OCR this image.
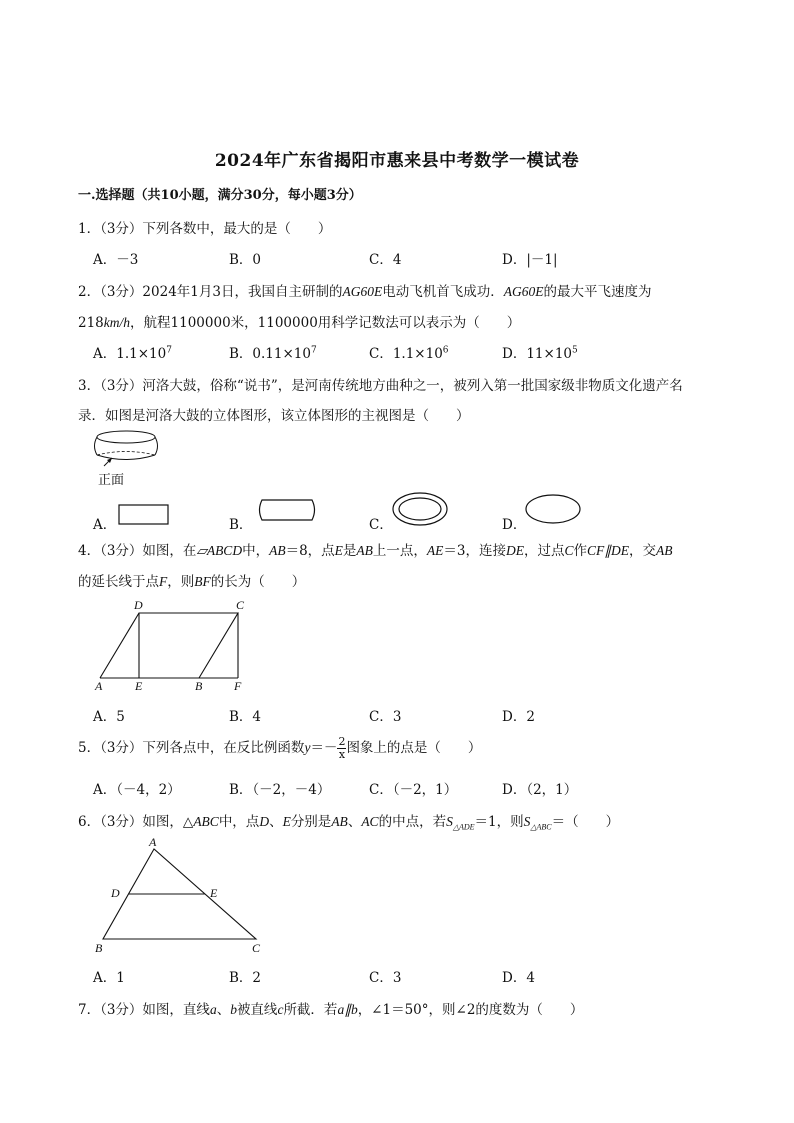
2024年广东省揭阳市惠来县中考数学一模试卷
一.选择题（共10小题，满分30分，每小题3分）
1．（3分）下列各数中，最大的是（　　）
A．－3	B．0	C．4	D．|－1|
2．（3分）2024年1月3日，我国自主研制的AG60E电动飞机首飞成功．AG60E的最大平飞速度为
218km/h，航程1100000米，1100000用科学记数法可以表示为（　　）
A．$1.1\times 10^7$	B．$0.11\times 10^7$	C．$1.1\times 10^6$	D．$11\times 10^5$
3．（3分）河洛大鼓，俗称“说书”，是河南传统地方曲种之一，被列入第一批国家级非物质文化遗产名
录．如图是河洛大鼓的立体图形，该立体图形的主视图是（　　）
正面
A．	B．	C．	D．
4．（3分）如图，在▱ABCD中，AB＝8，点E是AB上一点，AE＝3，连接DE，过点C作CF∥DE，交AB
的延长线于点F，则BF的长为（　　）
A	E	B	F
D	C
A．5	B．4	C．3	D．2
5．（3分）下列各点中，在反比例函数$y=- \frac{2}{x}$ 图象上的点是（　　）
A．（－4，2）	B．（－2，－4）	C．（－2，1）	D．（2，1）
6．（3分）如图，△ABC中，点D、E分别是AB、AC的中点，若$S_{\triangle ADE}=1$，则$S_{\triangle ABC}=$（　　）
A
D	E
B	C
A．1	B．2	C．3	D．4
7．（3分）如图，直线a、b被直线c所截．若a∥b，∠1＝50°，则∠2的度数为（　　）
